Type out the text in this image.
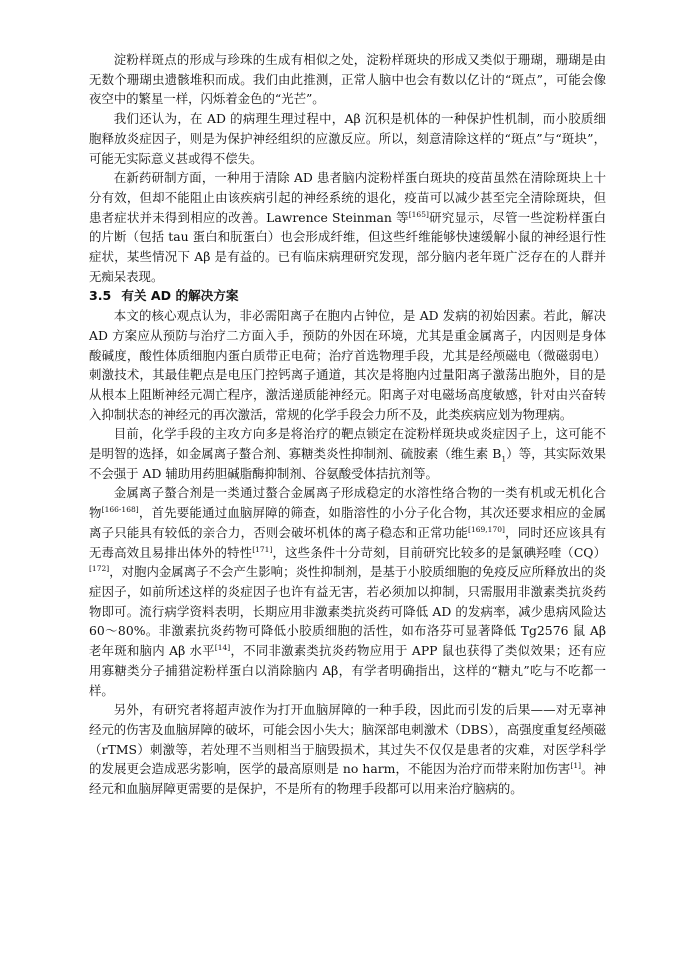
淀粉样斑点的形成与珍珠的生成有相似之处，淀粉样斑块的形成又类似于珊瑚，珊瑚是由无数个珊瑚虫遗骸堆积而成。我们由此推测，正常人脑中也会有数以亿计的“斑点”，可能会像夜空中的繁星一样，闪烁着金色的“光芒”。

我们还认为，在 AD 的病理生理过程中，Aβ 沉积是机体的一种保护性机制，而小胶质细胞释放炎症因子，则是为保护神经组织的应激反应。所以，刻意清除这样的“斑点”与“斑块”，可能无实际意义甚或得不偿失。

在新药研制方面，一种用于清除 AD 患者脑内淀粉样蛋白斑块的疫苗虽然在清除斑块上十分有效，但却不能阻止由该疾病引起的神经系统的退化，疫苗可以减少甚至完全清除斑块，但患者症状并未得到相应的改善。Lawrence Steinman 等[165]研究显示，尽管一些淀粉样蛋白的片断（包括 tau 蛋白和朊蛋白）也会形成纤维，但这些纤维能够快速缓解小鼠的神经退行性症状，某些情况下 Aβ 是有益的。已有临床病理研究发现，部分脑内老年斑广泛存在的人群并无痴呆表现。

3.5 有关 AD 的解决方案

本文的核心观点认为，非必需阳离子在胞内占钟位，是 AD 发病的初始因素。若此，解决 AD 方案应从预防与治疗二方面入手，预防的外因在环境，尤其是重金属离子，内因则是身体酸碱度，酸性体质细胞内蛋白质带正电荷；治疗首选物理手段，尤其是经颅磁电（微磁弱电）刺激技术，其最佳靶点是电压门控钙离子通道，其次是将胞内过量阳离子激荡出胞外，目的是从根本上阻断神经元凋亡程序，激活递质能神经元。阳离子对电磁场高度敏感，针对由兴奋转入抑制状态的神经元的再次激活，常规的化学手段会力所不及，此类疾病应划为物理病。

目前，化学手段的主攻方向多是将治疗的靶点锁定在淀粉样斑块或炎症因子上，这可能不是明智的选择，如金属离子螯合剂、寡糖类炎性抑制剂、硫胺素（维生素 $B_1$）等，其实际效果不会强于 AD 辅助用药胆碱脂酶抑制剂、谷氨酸受体拮抗剂等。

金属离子螯合剂是一类通过螯合金属离子形成稳定的水溶性络合物的一类有机或无机化合物[166-168]，首先要能通过血脑屏障的筛查，如脂溶性的小分子化合物，其次还要求相应的金属离子只能具有较低的亲合力，否则会破坏机体的离子稳态和正常功能[169,170]，同时还应该具有无毒高效且易排出体外的特性[171]，这些条件十分苛刻，目前研究比较多的是氯碘羟喹（CQ）[172]，对胞内金属离子不会产生影响；炎性抑制剂，是基于小胶质细胞的免疫反应所释放出的炎症因子，如前所述这样的炎症因子也许有益无害，若必须加以抑制，只需服用非激素类抗炎药物即可。流行病学资料表明，长期应用非激素类抗炎药可降低 AD 的发病率，减少患病风险达 60～80%。非激素抗炎药物可降低小胶质细胞的活性，如布洛芬可显著降低 Tg2576 鼠 Aβ 老年斑和脑内 Aβ 水平[14]，不同非激素类抗炎药物应用于 APP 鼠也获得了类似效果；还有应用寡糖类分子捕猎淀粉样蛋白以消除脑内 Aβ，有学者明确指出，这样的“糖丸”吃与不吃都一样。

另外，有研究者将超声波作为打开血脑屏障的一种手段，因此而引发的后果——对无辜神经元的伤害及血脑屏障的破坏，可能会因小失大；脑深部电刺激术（DBS），高强度重复经颅磁（rTMS）刺激等，若处理不当则相当于脑毁损术，其过失不仅仅是患者的灾难，对医学科学的发展更会造成恶劣影响，医学的最高原则是 no harm，不能因为治疗而带来附加伤害[1]。神经元和血脑屏障更需要的是保护，不是所有的物理手段都可以用来治疗脑病的。
